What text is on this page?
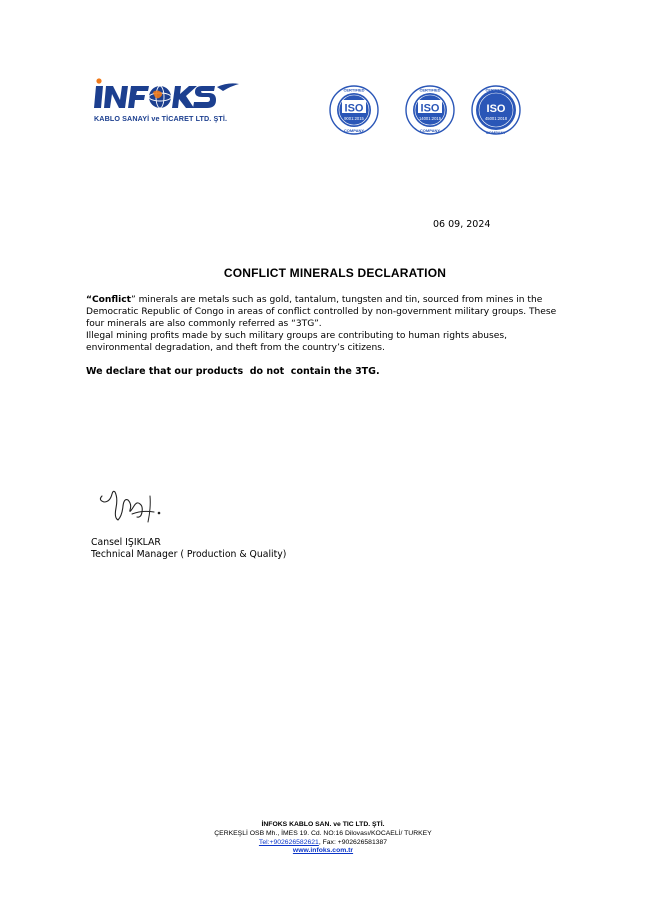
KABLO SANAYİ ve TİCARET LTD. ŞTİ.
CERTIFIED
ISO
9001:2015
COMPANY
CERTIFIED
ISO
14001:2015
COMPANY
CERTIFIED
ISO
45001:2018
COMPANY
06 09, 2024
CONFLICT MINERALS DECLARATION
“Conflict” minerals are metals such as gold, tantalum, tungsten and tin, sourced from mines in the Democratic Republic of Congo in areas of conflict controlled by non-government military groups. These four minerals are also commonly referred as “3TG”.
Illegal mining profits made by such military groups are contributing to human rights abuses, environmental degradation, and theft from the country’s citizens.
We declare that our products  do not  contain the 3TG.
Cansel IŞIKLAR
Technical Manager ( Production & Quality)
İNFOKS KABLO SAN. ve TIC LTD. ŞTİ.
ÇERKEŞLİ OSB Mh., İMES 19. Cd. NO:16 Dilovası/KOCAELİ/ TURKEY
Tel:+902626582621, Fax: +902626581387
www.infoks.com.tr
